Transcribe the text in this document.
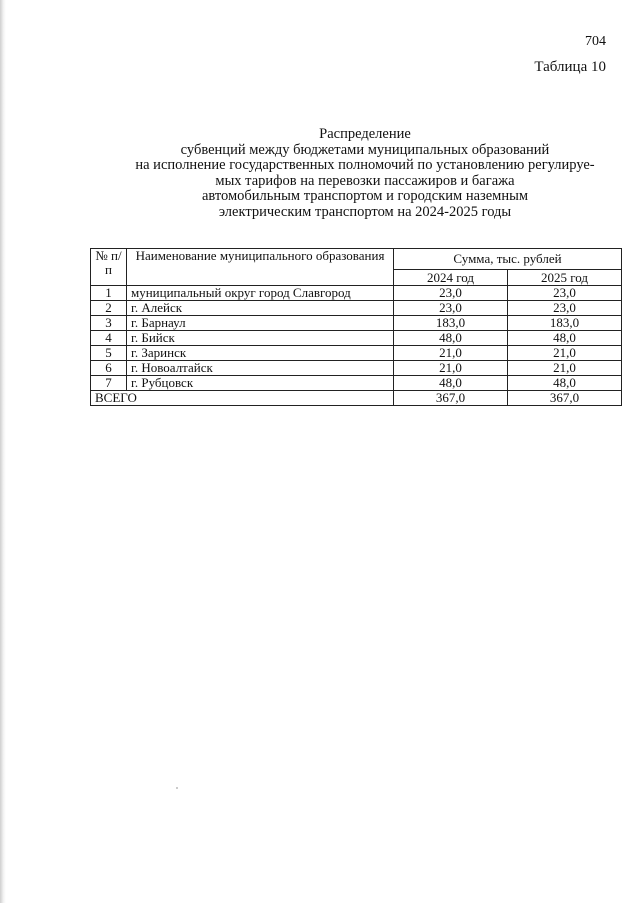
704
Таблица 10
Распределение
субвенций между бюджетами муниципальных образований
на исполнение государственных полномочий по установлению регулируе-
мых тарифов на перевозки пассажиров и багажа
автомобильным транспортом и городским наземным
электрическим транспортом на 2024-2025 годы
№ п/п	Наименование муниципального образования	Сумма, тыс. рублей	
		2024 год	2025 год
1	муниципальный округ город Славгород	23,0	23,0
2	г. Алейск	23,0	23,0
3	г. Барнаул	183,0	183,0
4	г. Бийск	48,0	48,0
5	г. Заринск	21,0	21,0
6	г. Новоалтайск	21,0	21,0
7	г. Рубцовск	48,0	48,0
ВСЕГО		367,0	367,0
